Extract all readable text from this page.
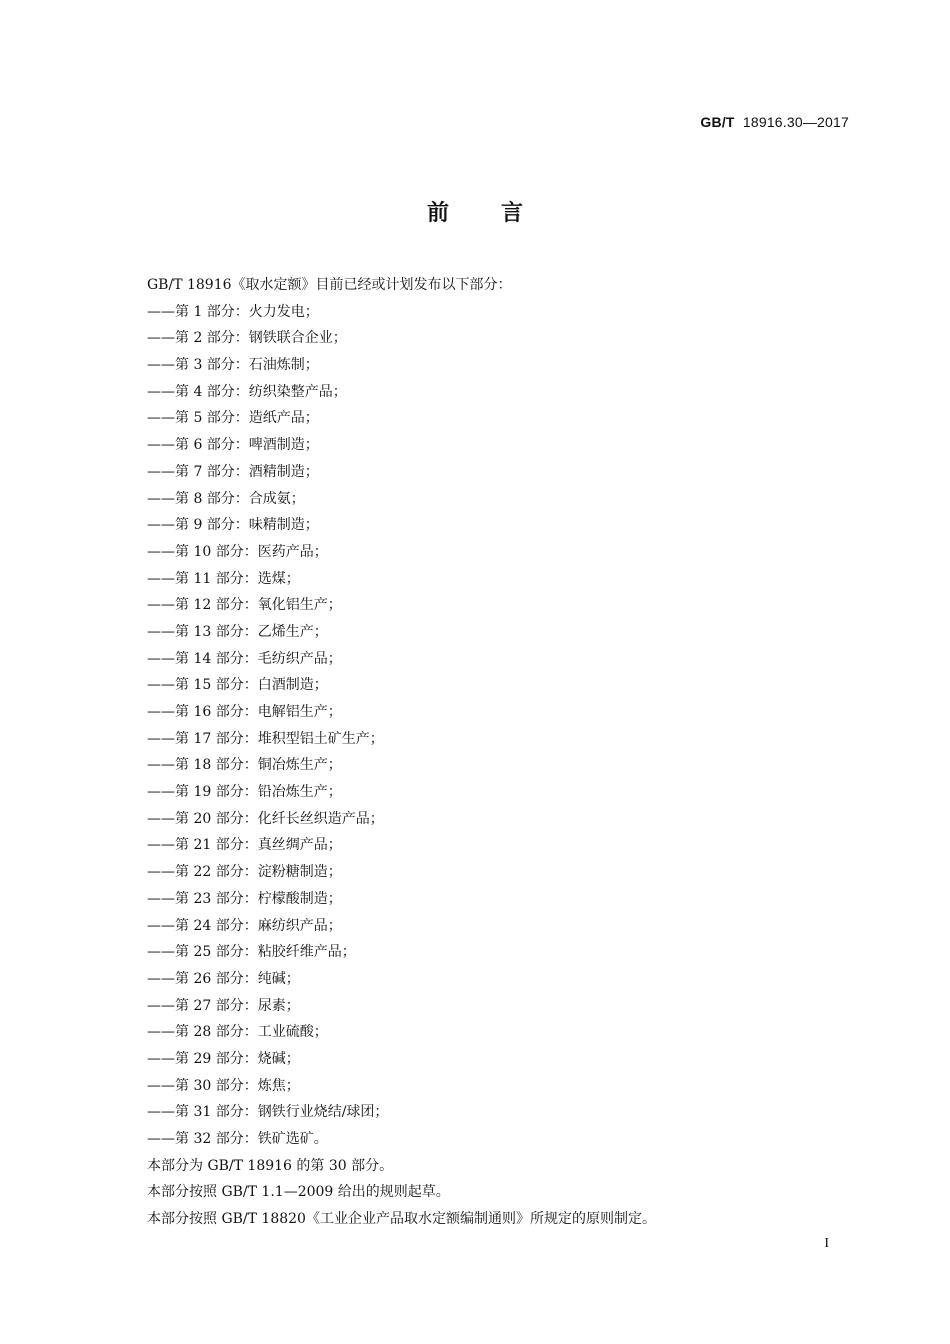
GB/T 18916.30—2017
前言
GB/T 18916《取水定额》目前已经或计划发布以下部分：
——第 1 部分：火力发电；
——第 2 部分：钢铁联合企业；
——第 3 部分：石油炼制；
——第 4 部分：纺织染整产品；
——第 5 部分：造纸产品；
——第 6 部分：啤酒制造；
——第 7 部分：酒精制造；
——第 8 部分：合成氨；
——第 9 部分：味精制造；
——第 10 部分：医药产品；
——第 11 部分：选煤；
——第 12 部分：氧化铝生产；
——第 13 部分：乙烯生产；
——第 14 部分：毛纺织产品；
——第 15 部分：白酒制造；
——第 16 部分：电解铝生产；
——第 17 部分：堆积型铝土矿生产；
——第 18 部分：铜冶炼生产；
——第 19 部分：铅冶炼生产；
——第 20 部分：化纤长丝织造产品；
——第 21 部分：真丝绸产品；
——第 22 部分：淀粉糖制造；
——第 23 部分：柠檬酸制造；
——第 24 部分：麻纺织产品；
——第 25 部分：粘胶纤维产品；
——第 26 部分：纯碱；
——第 27 部分：尿素；
——第 28 部分：工业硫酸；
——第 29 部分：烧碱；
——第 30 部分：炼焦；
——第 31 部分：钢铁行业烧结/球团；
——第 32 部分：铁矿选矿。
本部分为 GB/T 18916 的第 30 部分。
本部分按照 GB/T 1.1—2009 给出的规则起草。
本部分按照 GB/T 18820《工业企业产品取水定额编制通则》所规定的原则制定。
I
